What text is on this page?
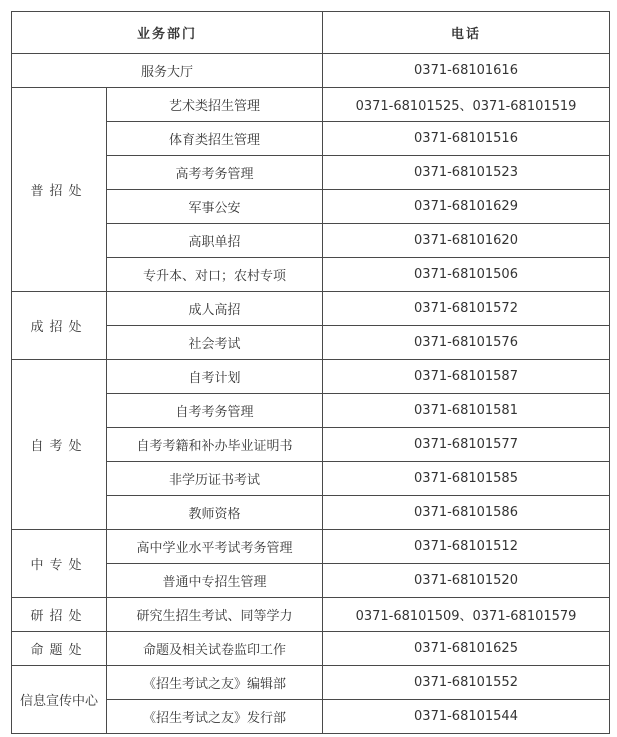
业务部门		电话
服务大厅		0371-68101616
普招处	艺术类招生管理	0371-68101525、0371-68101519
	体育类招生管理	0371-68101516
	高考考务管理	0371-68101523
	军事公安	0371-68101629
	高职单招	0371-68101620
	专升本、对口；农村专项	0371-68101506
成招处	成人高招	0371-68101572
	社会考试	0371-68101576
自考处	自考计划	0371-68101587
	自考考务管理	0371-68101581
	自考考籍和补办毕业证明书	0371-68101577
	非学历证书考试	0371-68101585
	教师资格	0371-68101586
中专处	高中学业水平考试考务管理	0371-68101512
	普通中专招生管理	0371-68101520
研招处	研究生招生考试、同等学力	0371-68101509、0371-68101579
命题处	命题及相关试卷监印工作	0371-68101625
信息宣传中心	《招生考试之友》编辑部	0371-68101552
	《招生考试之友》发行部	0371-68101544
